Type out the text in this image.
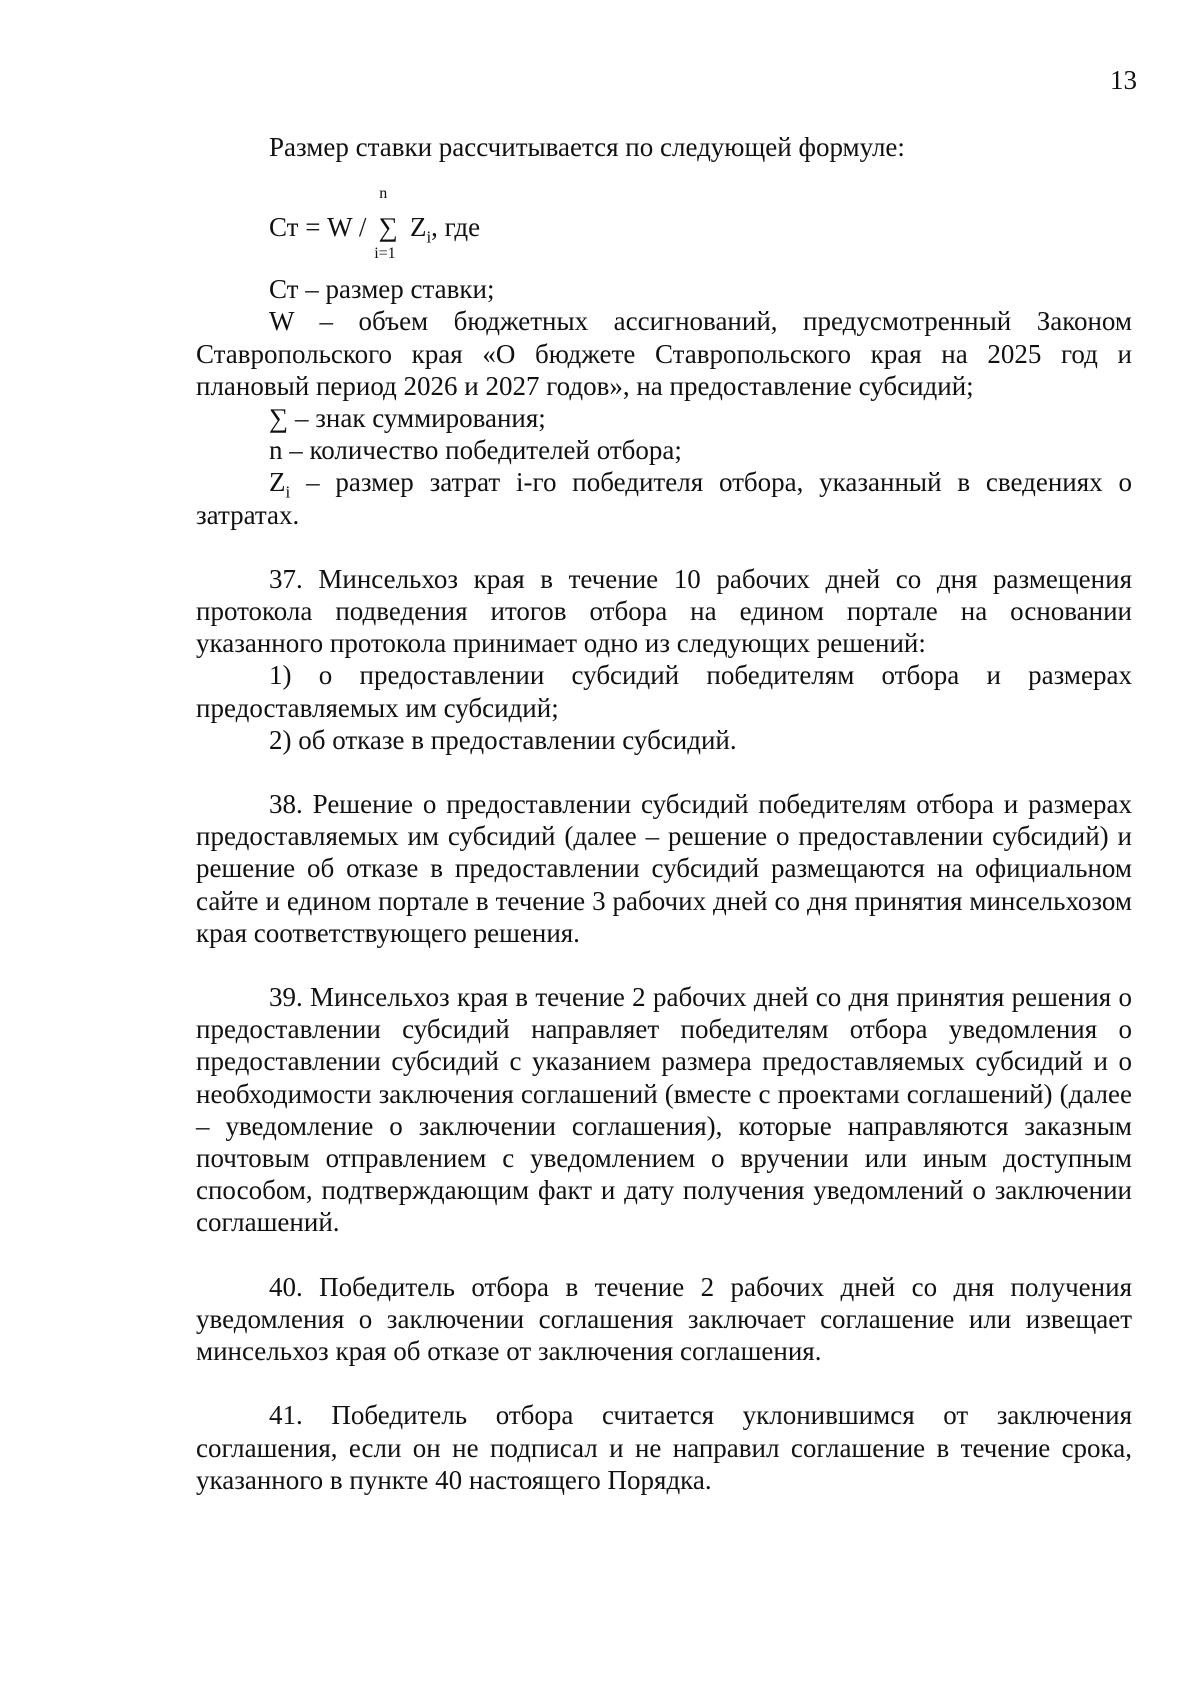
13

Размер ставки рассчитывается по следующей формуле:

Ст = W / ∑
n
i=1
$Z_i$, где

Ст – размер ставки;

W – объем бюджетных ассигнований, предусмотренный Законом Ставропольского края «О бюджете Ставропольского края на 2025 год и плановый период 2026 и 2027 годов», на предоставление субсидий;

∑ – знак суммирования;

n – количество победителей отбора;

$Z_i$ – размер затрат i-го победителя отбора, указанный в сведениях о затратах.

37. Минсельхоз края в течение 10 рабочих дней со дня размещения протокола подведения итогов отбора на едином портале на основании указанного протокола принимает одно из следующих решений:

1) о предоставлении субсидий победителям отбора и размерах предоставляемых им субсидий;

2) об отказе в предоставлении субсидий.

38. Решение о предоставлении субсидий победителям отбора и размерах предоставляемых им субсидий (далее – решение о предоставлении субсидий) и решение об отказе в предоставлении субсидий размещаются на официальном сайте и едином портале в течение 3 рабочих дней со дня принятия минсельхозом края соответствующего решения.

39. Минсельхоз края в течение 2 рабочих дней со дня принятия решения о предоставлении субсидий направляет победителям отбора уведомления о предоставлении субсидий с указанием размера предоставляемых субсидий и о необходимости заключения соглашений (вместе с проектами соглашений) (далее – уведомление о заключении соглашения), которые направляются заказным почтовым отправлением с уведомлением о вручении или иным доступным способом, подтверждающим факт и дату получения уведомлений о заключении соглашений.

40. Победитель отбора в течение 2 рабочих дней со дня получения уведомления о заключении соглашения заключает соглашение или извещает минсельхоз края об отказе от заключения соглашения.

41. Победитель отбора считается уклонившимся от заключения соглашения, если он не подписал и не направил соглашение в течение срока, указанного в пункте 40 настоящего Порядка.
